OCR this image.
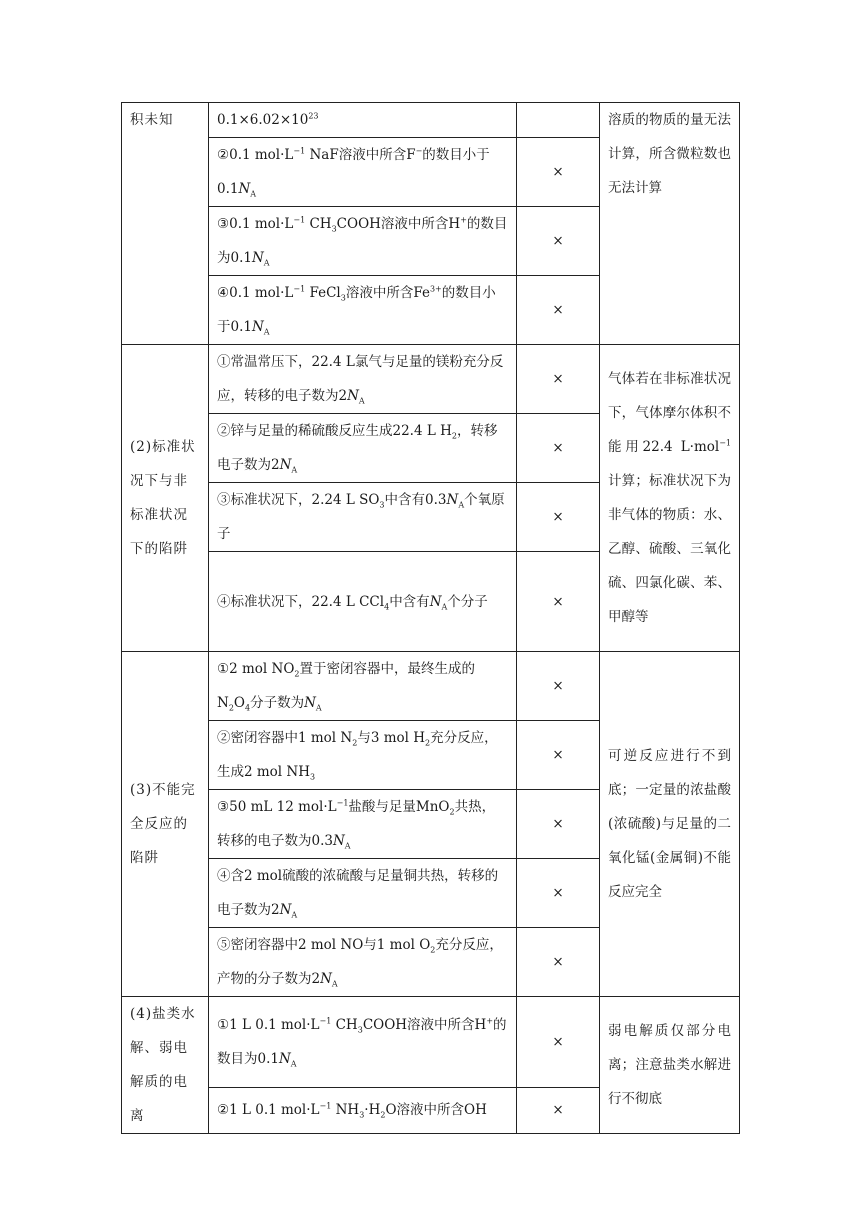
积未知	$0.1\times 6.02\times 10^{23}$		溶质的物质的量无法计算，所含微粒数也无法计算
	②0.1 $mol\cdot L^{-1}$ NaF溶液中所含F−的数目小于$0.1N_A$	×	
	③0.1 $mol\cdot L^{-1}$ $CH_3COOH$溶液中所含H+的数目为$0.1N_A$	×	
	④0.1 $mol\cdot L^{-1}$ FeCl$_3$溶液中所含$Fe^{3+}$的数目小于$0.1N_A$	×	
(2)标准状况下与非标准状况下的陷阱	①常温常压下，22.4 L氯气与足量的镁粉充分反应，转移的电子数为$2N_A$	×	气体若在非标准状况下，气体摩尔体积不能用22.4 L·mol$^{-1}$计算；标准状况下为非气体的物质：水、乙醇、硫酸、三氧化硫、四氯化碳、苯、甲醇等
	②锌与足量的稀硫酸反应生成22.4 L $H_2$，转移电子数为$2N_A$	×	
	③标准状况下，2.24 L $SO_3$中含有$0.3N_A$个氧原子	×	
	④标准状况下，22.4 L CCl$_4$中含有$N_A$个分子	×	
(3)不能完全反应的陷阱	①2 mol $NO_2$置于密闭容器中，最终生成的$N_2O_4$分子数为$N_A$	×	可逆反应进行不到底；一定量的浓盐酸(浓硫酸)与足量的二氧化锰(金属铜)不能反应完全
	②密闭容器中1 mol $N_2$与3 mol $H_2$充分反应，生成2 mol $NH_3$	×	
	③50 mL 12 $mol\cdot L^{-1}$盐酸与足量MnO$_2$共热，转移的电子数为$0.3N_A$	×	
	④含2 mol硫酸的浓硫酸与足量铜共热，转移的电子数为$2N_A$	×	
	⑤密闭容器中2 mol NO与1 mol $O_2$充分反应，产物的分子数为$2N_A$	×	
(4)盐类水解、弱电解质的电离	①1 L 0.1 $mol\cdot L^{-1}$ $CH_3COOH$溶液中所含H+的数目为$0.1N_A$	×	弱电解质仅部分电离；注意盐类水解进行不彻底
	②1 L 0.1 $mol\cdot L^{-1}$ $NH_3\cdot H_2O$溶液中所含OH	×	
